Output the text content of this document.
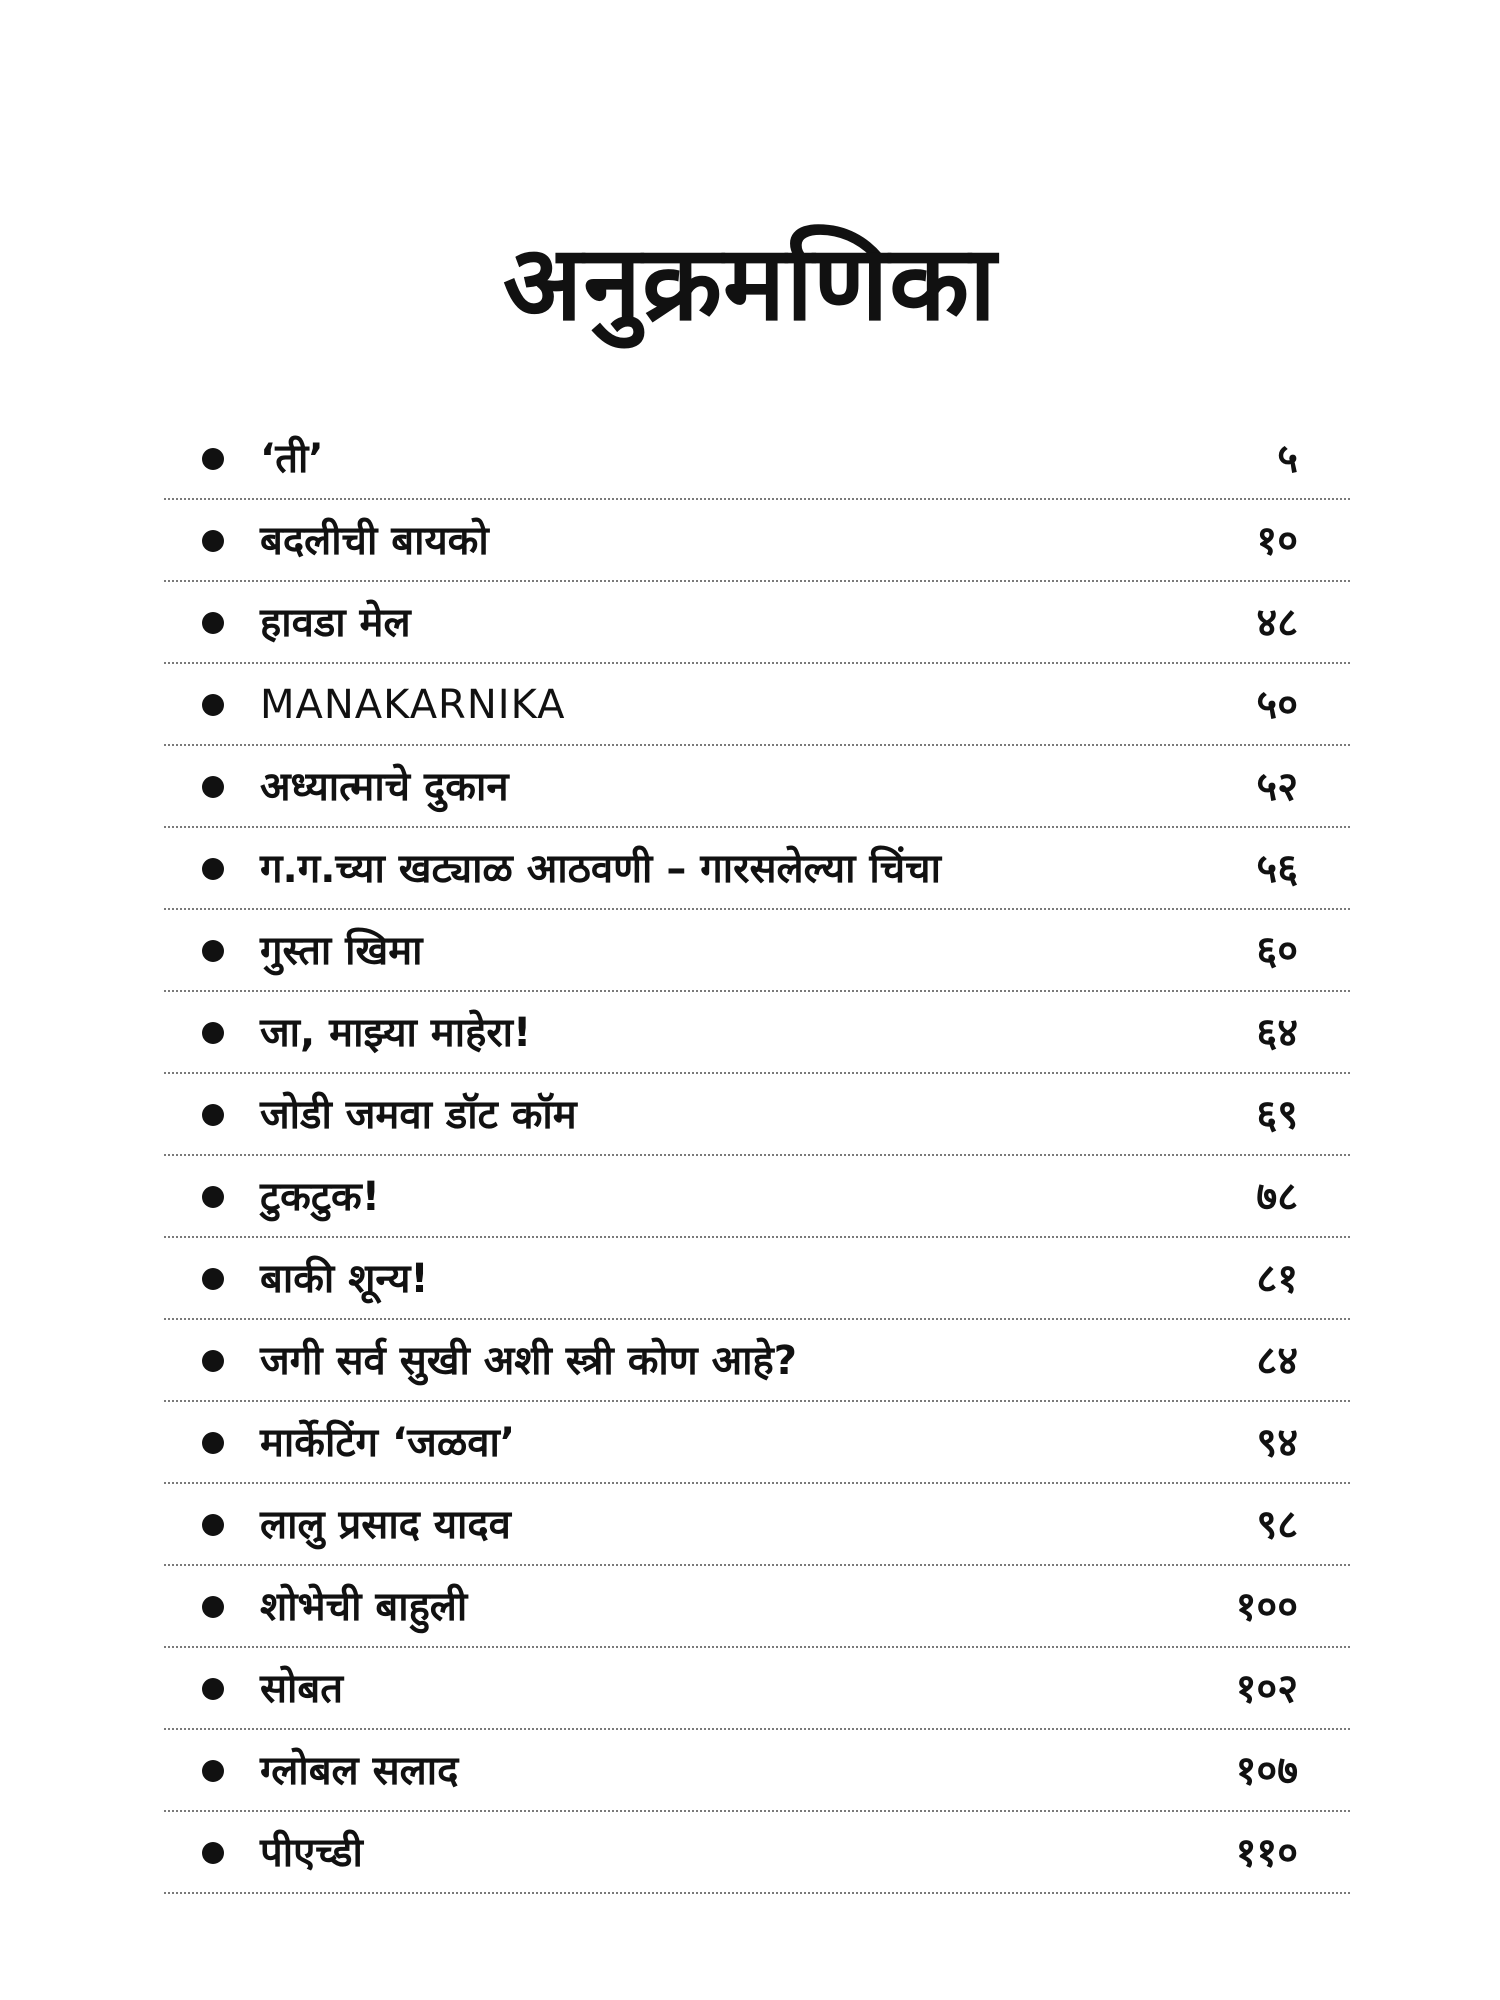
अनुक्रमणिका
‘ती’	५
बदलीची बायको	१०
हावडा मेल	४८
MANAKARNIKA	५०
अध्यात्माचे दुकान	५२
ग.ग.च्या खट्याळ आठवणी – गारसलेल्या चिंचा	५६
गुस्ता खिमा	६०
जा, माझ्या माहेरा!	६४
जोडी जमवा डॉट कॉम	६९
टुकटुक!	७८
बाकी शून्य!	८१
जगी सर्व सुखी अशी स्त्री कोण आहे?	८४
मार्केटिंग ‘जळवा’	९४
लालु प्रसाद यादव	९८
शोभेची बाहुली	१००
सोबत	१०२
ग्लोबल सलाद	१०७
पीएच्डी	११०
